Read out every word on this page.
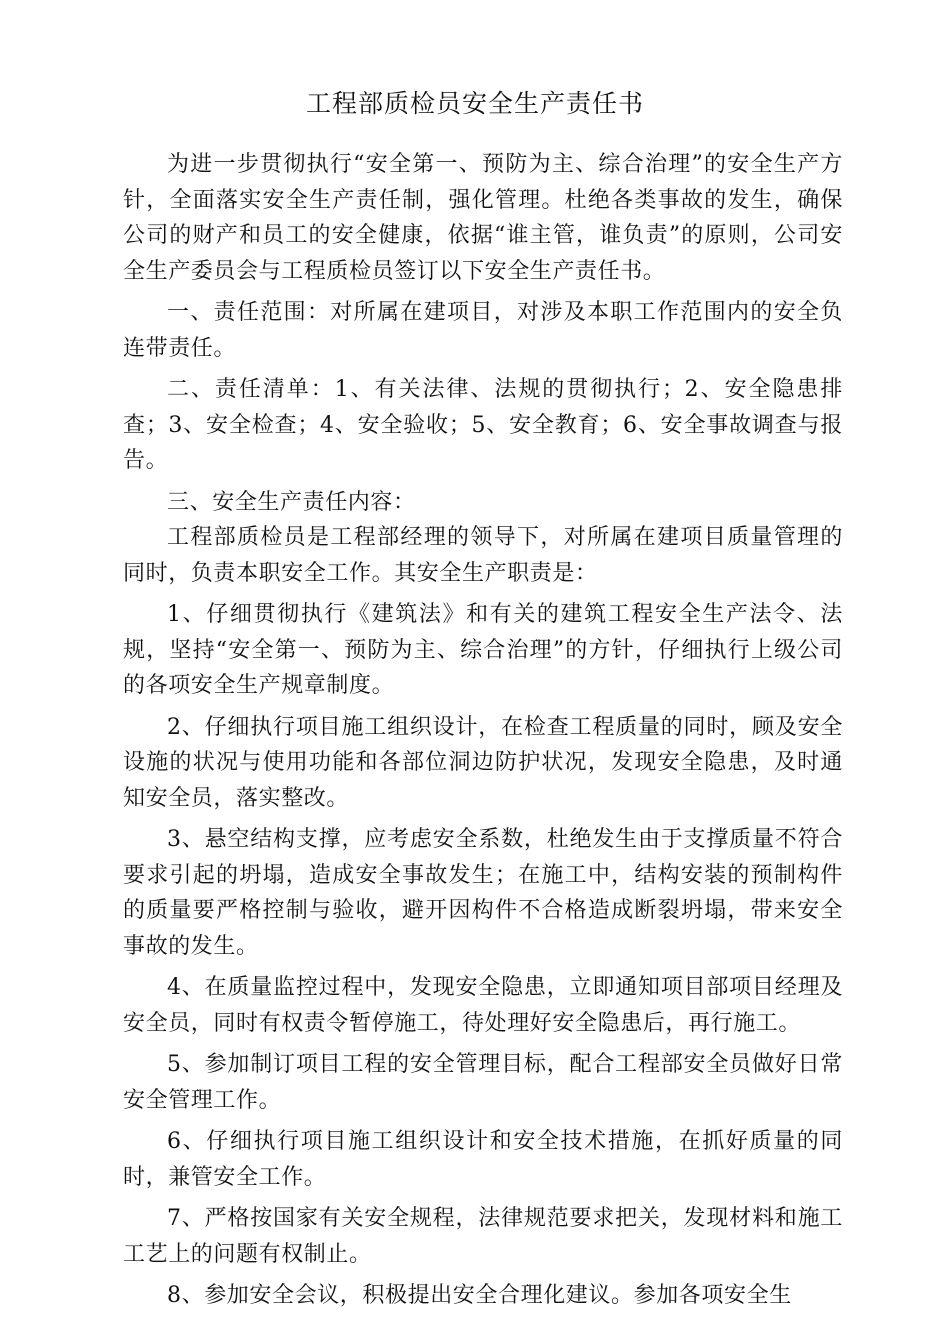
工程部质检员安全生产责任书

为进一步贯彻执行“安全第一、预防为主、综合治理”的安全生产方针，全面落实安全生产责任制，强化管理。杜绝各类事故的发生，确保公司的财产和员工的安全健康，依据“谁主管，谁负责”的原则，公司安全生产委员会与工程质检员签订以下安全生产责任书。

一、责任范围：对所属在建项目，对涉及本职工作范围内的安全负连带责任。

二、责任清单：1、有关法律、法规的贯彻执行；2、安全隐患排查；3、安全检查；4、安全验收；5、安全教育；6、安全事故调查与报告。

三、安全生产责任内容：

工程部质检员是工程部经理的领导下，对所属在建项目质量管理的同时，负责本职安全工作。其安全生产职责是：

1、仔细贯彻执行《建筑法》和有关的建筑工程安全生产法令、法规，坚持“安全第一、预防为主、综合治理”的方针，仔细执行上级公司的各项安全生产规章制度。

2、仔细执行项目施工组织设计，在检查工程质量的同时，顾及安全设施的状况与使用功能和各部位洞边防护状况，发现安全隐患，及时通知安全员，落实整改。

3、悬空结构支撑，应考虑安全系数，杜绝发生由于支撑质量不符合要求引起的坍塌，造成安全事故发生；在施工中，结构安装的预制构件的质量要严格控制与验收，避开因构件不合格造成断裂坍塌，带来安全事故的发生。

4、在质量监控过程中，发现安全隐患，立即通知项目部项目经理及安全员，同时有权责令暂停施工，待处理好安全隐患后，再行施工。

5、参加制订项目工程的安全管理目标，配合工程部安全员做好日常安全管理工作。

6、仔细执行项目施工组织设计和安全技术措施，在抓好质量的同时，兼管安全工作。

7、严格按国家有关安全规程，法律规范要求把关，发现材料和施工工艺上的问题有权制止。

8、参加安全会议，积极提出安全合理化建议。参加各项安全生
